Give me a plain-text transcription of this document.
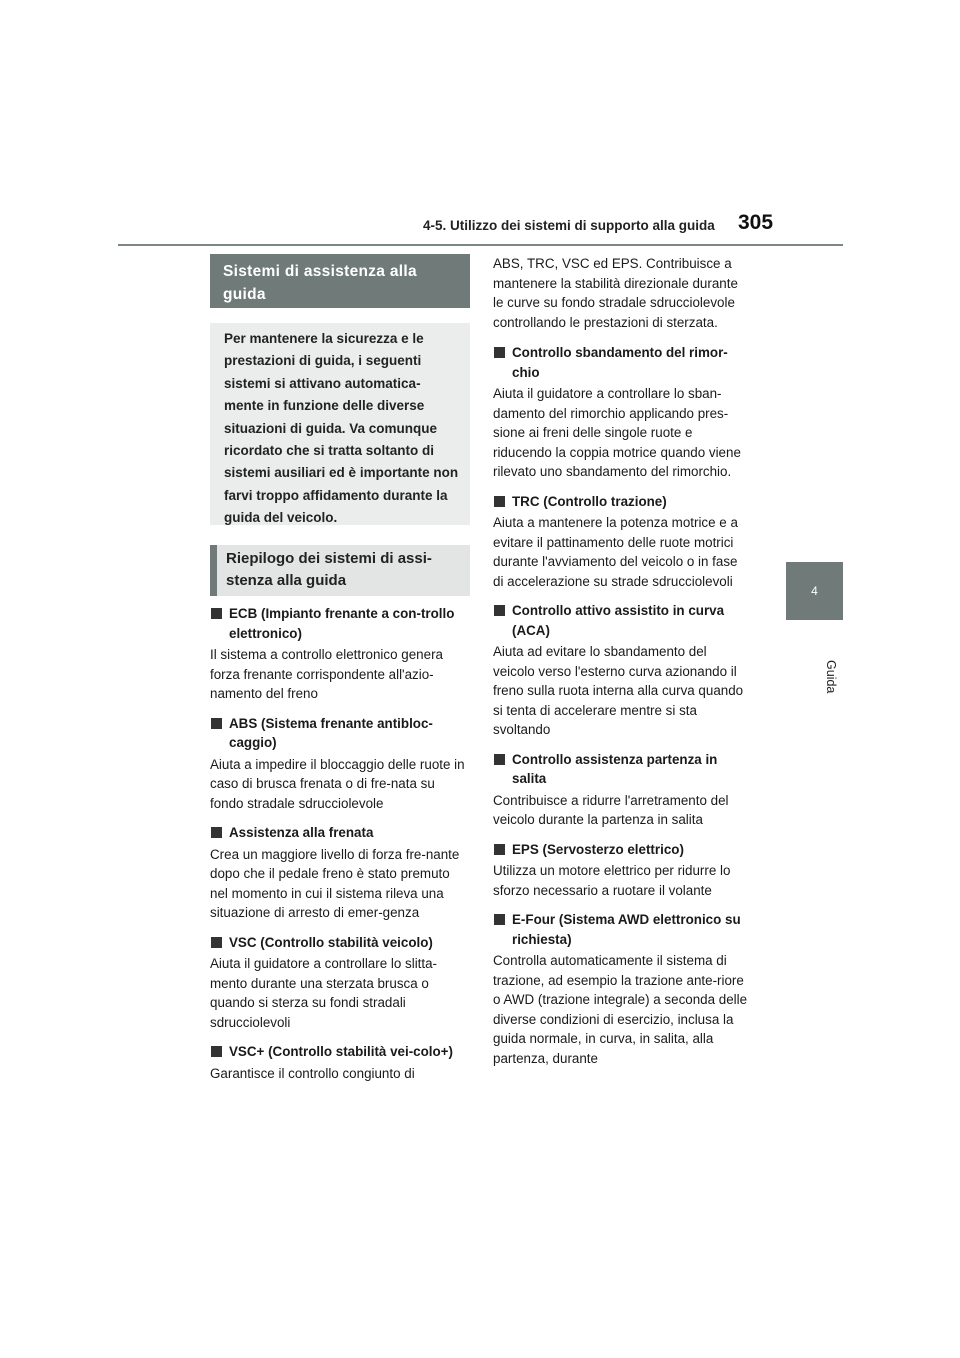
4-5. Utilizzo dei sistemi di supporto alla guida 305
4
Guida
Sistemi di assistenza alla guida
Per mantenere la sicurezza e le prestazioni di guida, i seguenti sistemi si attivano automatica-mente in funzione delle diverse situazioni di guida. Va comunque ricordato che si tratta soltanto di sistemi ausiliari ed è importante non farvi troppo affidamento durante la guida del veicolo.
Riepilogo dei sistemi di assi-stenza alla guida
ECB (Impianto frenante a con-trollo elettronico)
Il sistema a controllo elettronico genera forza frenante corrispondente all'azio-namento del freno
ABS (Sistema frenante antibloc-caggio)
Aiuta a impedire il bloccaggio delle ruote in caso di brusca frenata o di fre-nata su fondo stradale sdrucciolevole
Assistenza alla frenata
Crea un maggiore livello di forza fre-nante dopo che il pedale freno è stato premuto nel momento in cui il sistema rileva una situazione di arresto di emer-genza
VSC (Controllo stabilità veicolo)
Aiuta il guidatore a controllare lo slitta-mento durante una sterzata brusca o quando si sterza su fondi stradali sdrucciolevoli
VSC+ (Controllo stabilità vei-colo+)
Garantisce il controllo congiunto di
ABS, TRC, VSC ed EPS. Contribuisce a mantenere la stabilità direzionale durante le curve su fondo stradale sdrucciolevole controllando le prestazioni di sterzata.
Controllo sbandamento del rimor-chio
Aiuta il guidatore a controllare lo sban-damento del rimorchio applicando pres-sione ai freni delle singole ruote e riducendo la coppia motrice quando viene rilevato uno sbandamento del rimorchio.
TRC (Controllo trazione)
Aiuta a mantenere la potenza motrice e a evitare il pattinamento delle ruote motrici durante l'avviamento del veicolo o in fase di accelerazione su strade sdrucciolevoli
Controllo attivo assistito in curva (ACA)
Aiuta ad evitare lo sbandamento del veicolo verso l'esterno curva azionando il freno sulla ruota interna alla curva quando si tenta di accelerare mentre si sta svoltando
Controllo assistenza partenza in salita
Contribuisce a ridurre l'arretramento del veicolo durante la partenza in salita
EPS (Servosterzo elettrico)
Utilizza un motore elettrico per ridurre lo sforzo necessario a ruotare il volante
E-Four (Sistema AWD elettronico su richiesta)
Controlla automaticamente il sistema di trazione, ad esempio la trazione ante-riore o AWD (trazione integrale) a seconda delle diverse condizioni di esercizio, inclusa la guida normale, in curva, in salita, alla partenza, durante
